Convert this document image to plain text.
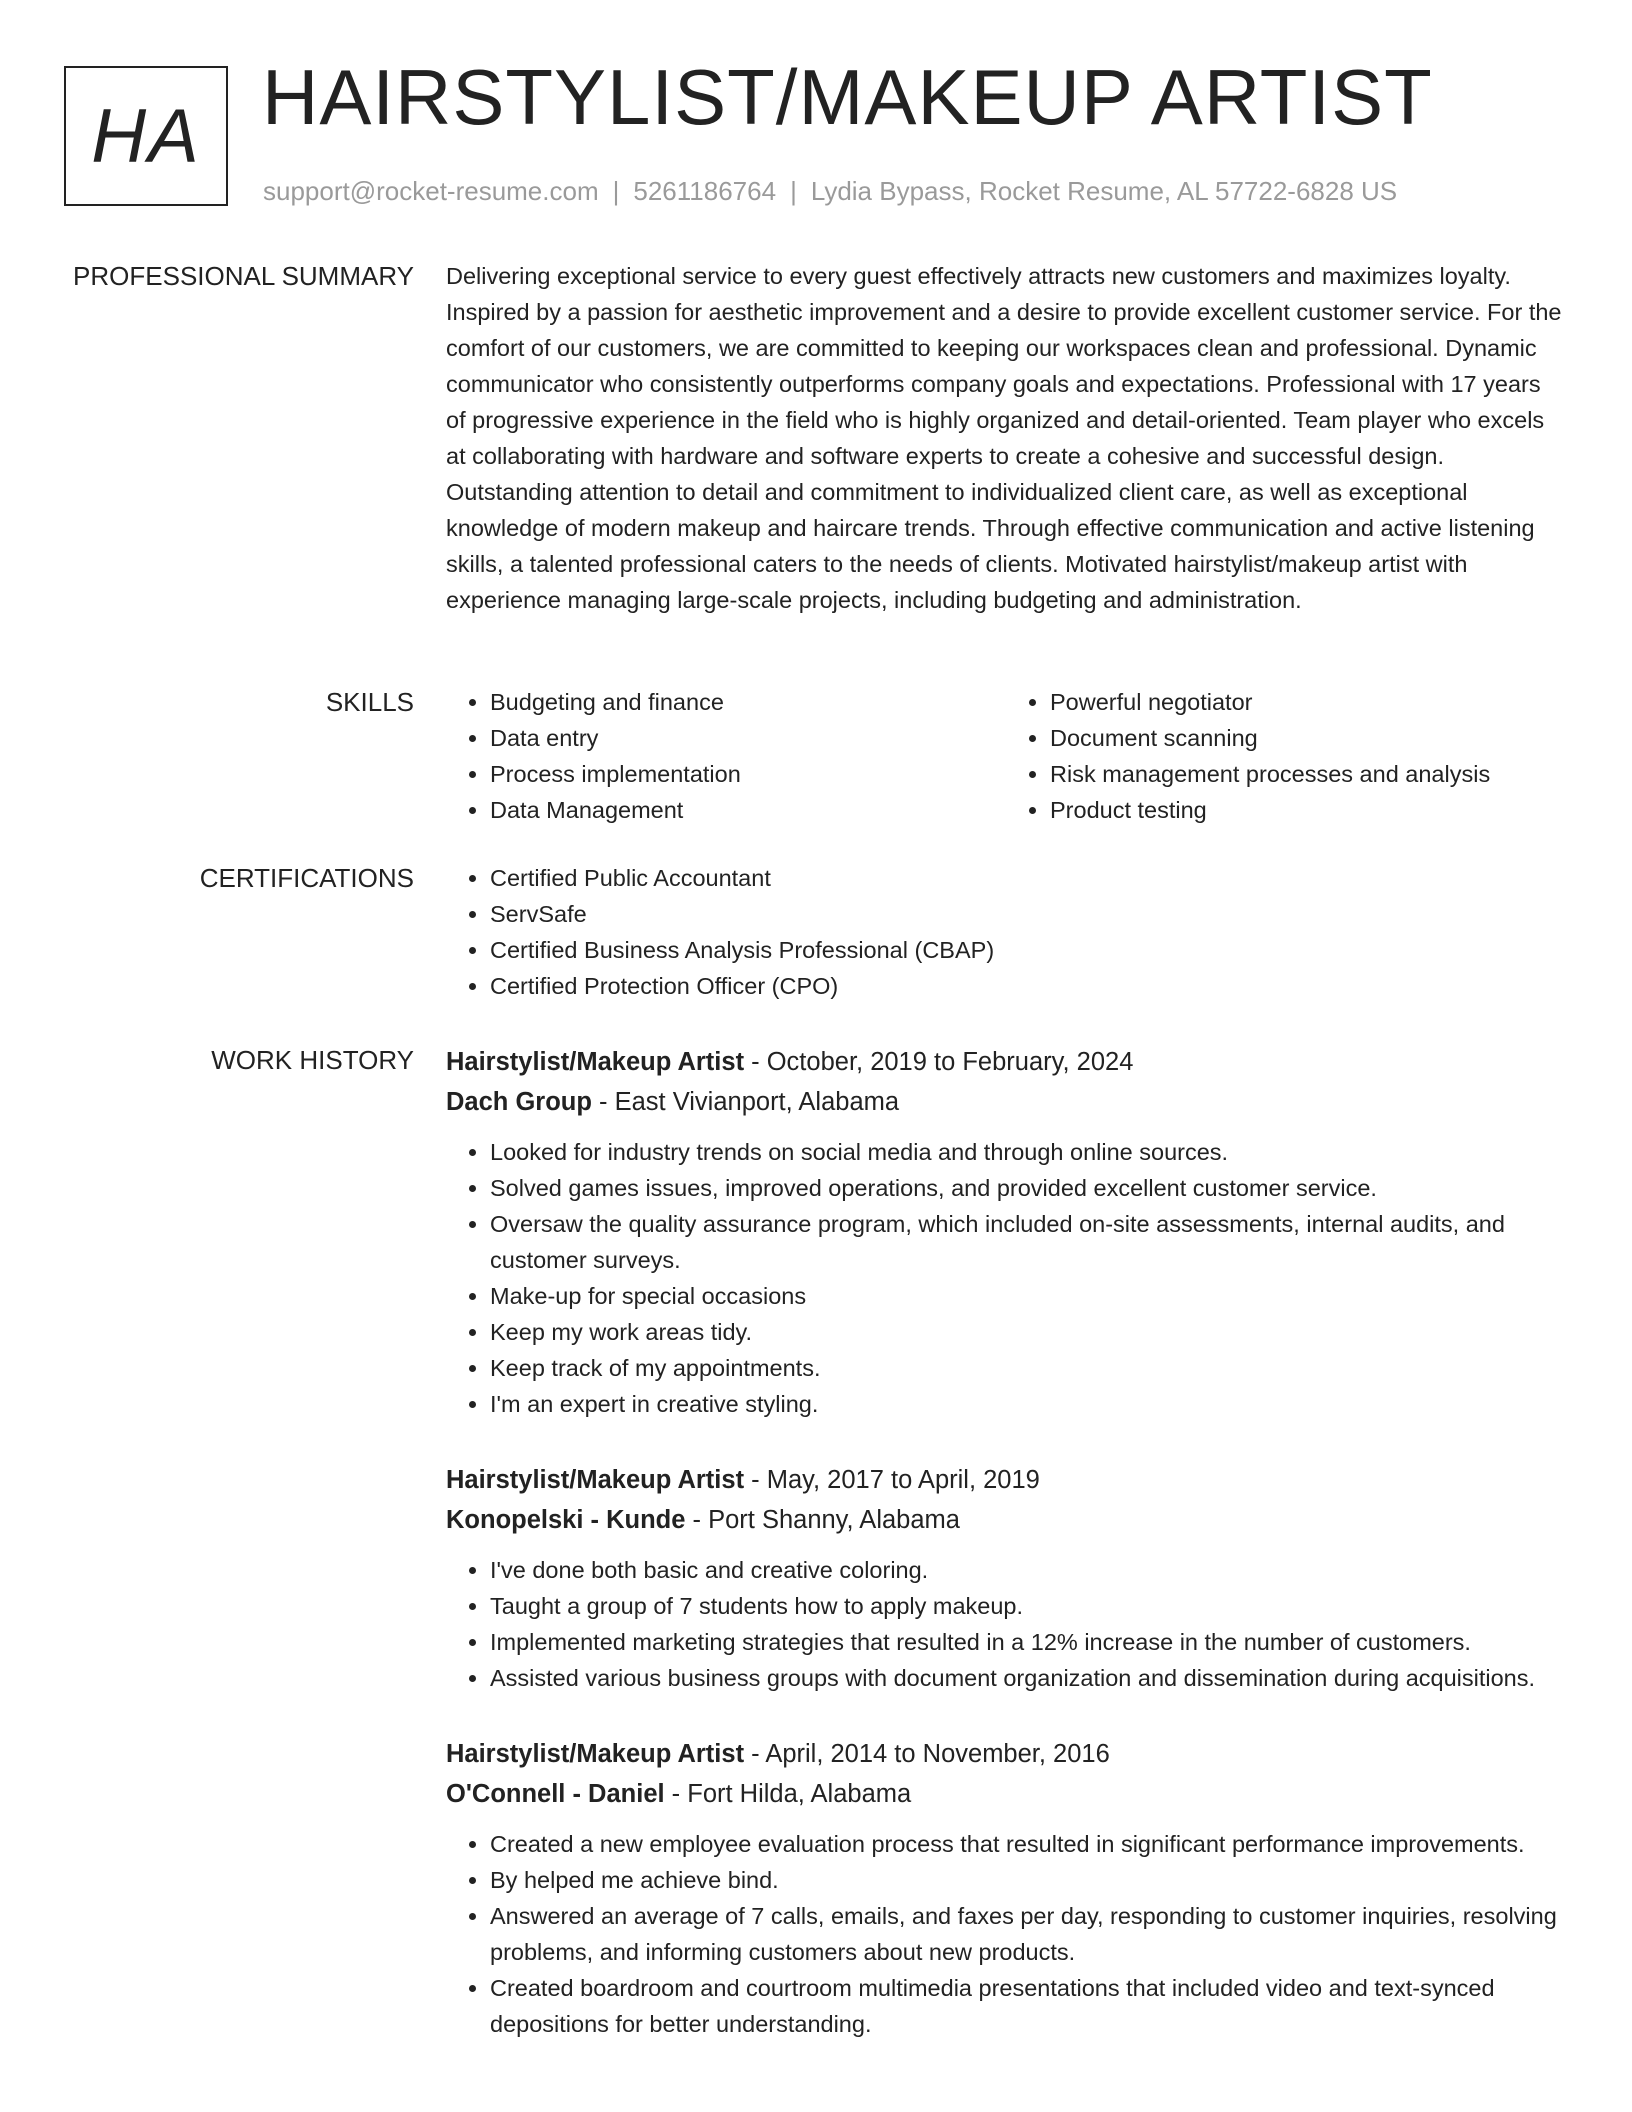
HA HAIRSTYLIST/MAKEUP ARTIST
support@rocket-resume.com | 5261186764 | Lydia Bypass, Rocket Resume, AL 57722-6828 US
PROFESSIONAL SUMMARY Delivering exceptional service to every guest effectively attracts new customers and maximizes loyalty. Inspired by a passion for aesthetic improvement and a desire to provide excellent customer service. For the comfort of our customers, we are committed to keeping our workspaces clean and professional. Dynamic communicator who consistently outperforms company goals and expectations. Professional with 17 years of progressive experience in the field who is highly organized and detail-oriented. Team player who excels at collaborating with hardware and software experts to create a cohesive and successful design. Outstanding attention to detail and commitment to individualized client care, as well as exceptional knowledge of modern makeup and haircare trends. Through effective communication and active listening skills, a talented professional caters to the needs of clients. Motivated hairstylist/makeup artist with experience managing large-scale projects, including budgeting and administration.

SKILLS	• Budgeting and finance
• Data entry
• Process implementation
• Data Management
• Powerful negotiator
• Document scanning
• Risk management processes and analysis
• Product testing
CERTIFICATIONS	• Certified Public Accountant
• ServSafe
• Certified Business Analysis Professional (CBAP)
• Certified Protection Officer (CPO)
WORK HISTORY Hairstylist/Makeup Artist - October, 2019 to February, 2024
Dach Group - East Vivianport, Alabama
• Looked for industry trends on social media and through online sources.
• Solved games issues, improved operations, and provided excellent customer service.
• Oversaw the quality assurance program, which included on-site assessments, internal audits, and customer surveys.
• Make-up for special occasions
• Keep my work areas tidy.
• Keep track of my appointments.
• I'm an expert in creative styling.
Hairstylist/Makeup Artist - May, 2017 to April, 2019
Konopelski - Kunde - Port Shanny, Alabama
• I've done both basic and creative coloring.
• Taught a group of 7 students how to apply makeup.
• Implemented marketing strategies that resulted in a 12% increase in the number of customers.
• Assisted various business groups with document organization and dissemination during acquisitions.
Hairstylist/Makeup Artist - April, 2014 to November, 2016
O'Connell - Daniel - Fort Hilda, Alabama
• Created a new employee evaluation process that resulted in significant performance improvements.
• By helped me achieve bind.
• Answered an average of 7 calls, emails, and faxes per day, responding to customer inquiries, resolving problems, and informing customers about new products.
• Created boardroom and courtroom multimedia presentations that included video and text-synced depositions for better understanding.
